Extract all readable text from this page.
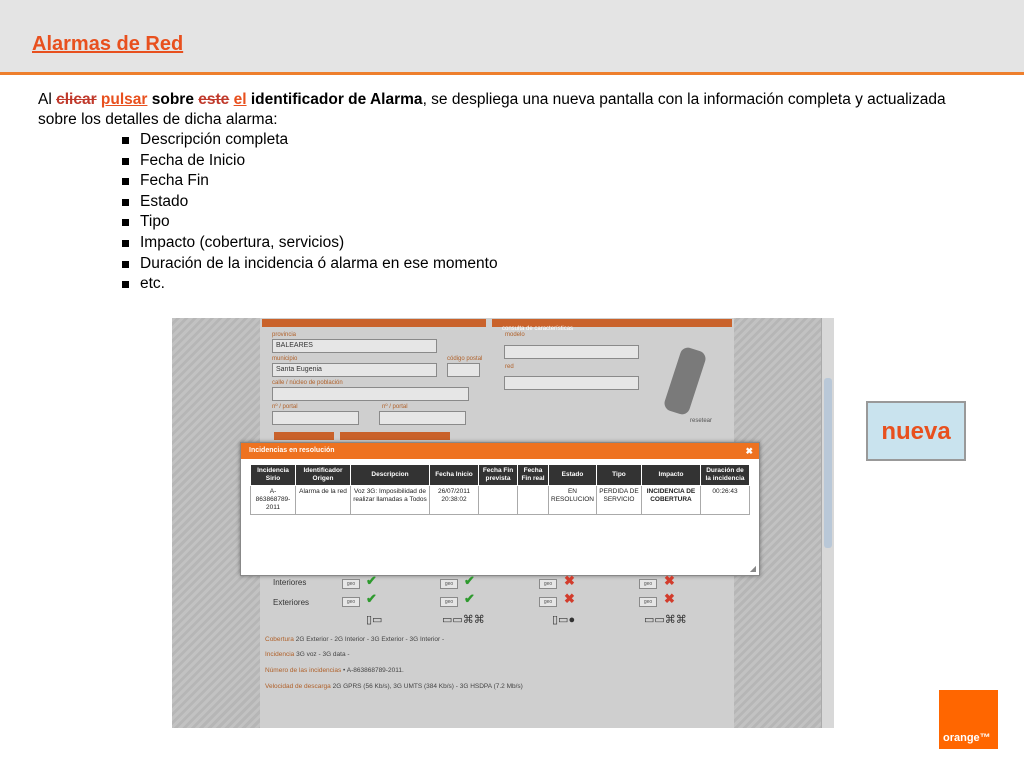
Alarmas de Red
Al clicar pulsar sobre este el identificador de Alarma, se despliega una nueva pantalla con la información completa y actualizada sobre los detalles de dicha alarma:
Descripción completa
Fecha de Inicio
Fecha Fin
Estado
Tipo
Impacto (cobertura, servicios)
Duración de la incidencia ó alarma en ese momento
etc.
consulta de características
provincia
BALEARES
municipio	código postal
Santa Eugenia
calle / núcleo de población
nº / portal	nº / portal
modelo
red
resetear
Incidencias en resolución	✖
Incidencia Sirio	Identificador Origen	Descripcion	Fecha Inicio	Fecha Fin prevista	Fecha Fin real	Estado	Tipo	Impacto	Duración de la incidencia
A-863868789-2011	Alarma de la red	Voz 3G: Imposibilidad de realizar llamadas a Todos	26/07/2011 20:38:02			EN RESOLUCION	PERDIDA DE SERVICIO	INCIDENCIA DE COBERTURA	00:26:43
◢
Interiores
Exteriores
geo ✔	geo ✔	geo ✖	geo ✖
geo ✔	geo ✔	geo ✖	geo ✖
▯▭	▭▭⌘⌘	▯▭●	▭▭⌘⌘
Cobertura 2G Exterior - 2G Interior - 3G Exterior - 3G Interior -
Incidencia 3G voz - 3G data -
Número de las incidencias • A-863868789-2011.
Velocidad de descarga 2G GPRS (56 Kb/s), 3G UMTS (384 Kb/s) - 3G HSDPA (7.2 Mb/s)
nueva
orange™
